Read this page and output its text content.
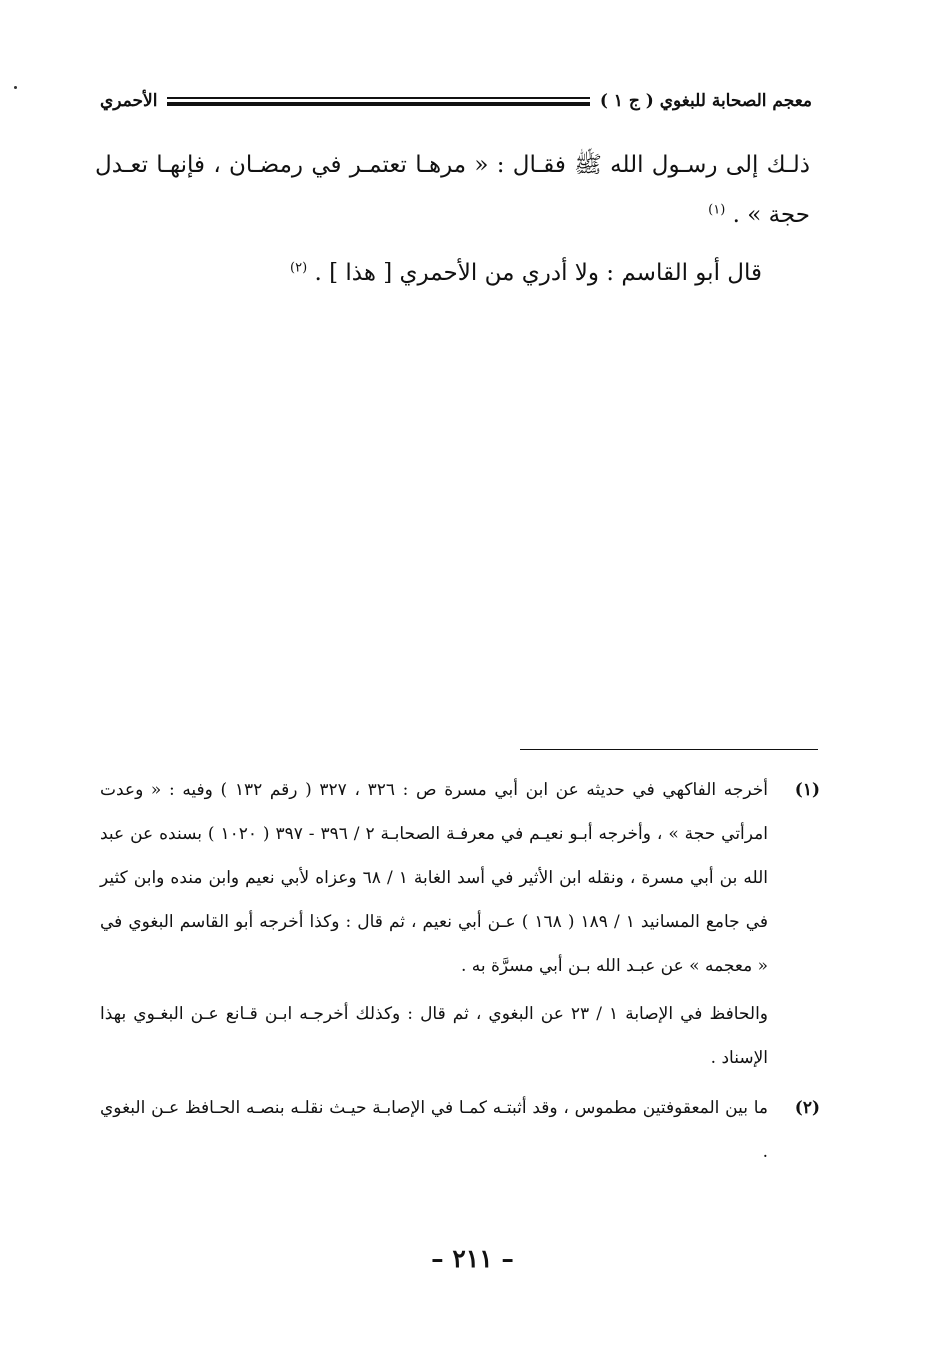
معجم الصحابة للبغوي ( ج ١ )
الأحمري

ذلـك إلى رسـول الله ﷺ فقـال : « مرهـا تعتمـر في رمضـان ، فإنهـا تعـدل حجة » . $^{(١)}$

قال أبو القاسم : ولا أدري من الأحمري [ هذا ] . $^{(٢)}$

(١)

أخرجه الفاكهي في حديثه عن ابن أبي مسرة ص : ٣٢٦ ، ٣٢٧ ( رقم ١٣٢ ) وفيه : « وعدت امرأتي حجة » ، وأخرجه أبـو نعيـم في معرفـة الصحابـة ٢ / ٣٩٦ - ٣٩٧ ( ١٠٢٠ ) بسنده عن عبد الله بن أبي مسرة ، ونقله ابن الأثير في أسد الغابة ١ / ٦٨ وعزاه لأبي نعيم وابن منده وابن كثير في جامع المسانيد ١ / ١٨٩ ( ١٦٨ ) عـن أبي نعيم ، ثم قال : وكذا أخرجه أبو القاسم البغوي في « معجمه » عن عبـد الله بـن أبي مسرَّة به .

والحافظ في الإصابة ١ / ٢٣ عن البغوي ، ثم قال : وكذلك أخرجـه ابـن قـانع عـن البغـوي بهذا الإسناد .

(٢)

ما بين المعقوفتين مطموس ، وقد أثبتـه كمـا في الإصابـة حيـث نقلـه بنصـه الحـافظ عـن البغوي .

– ٢١١ –
